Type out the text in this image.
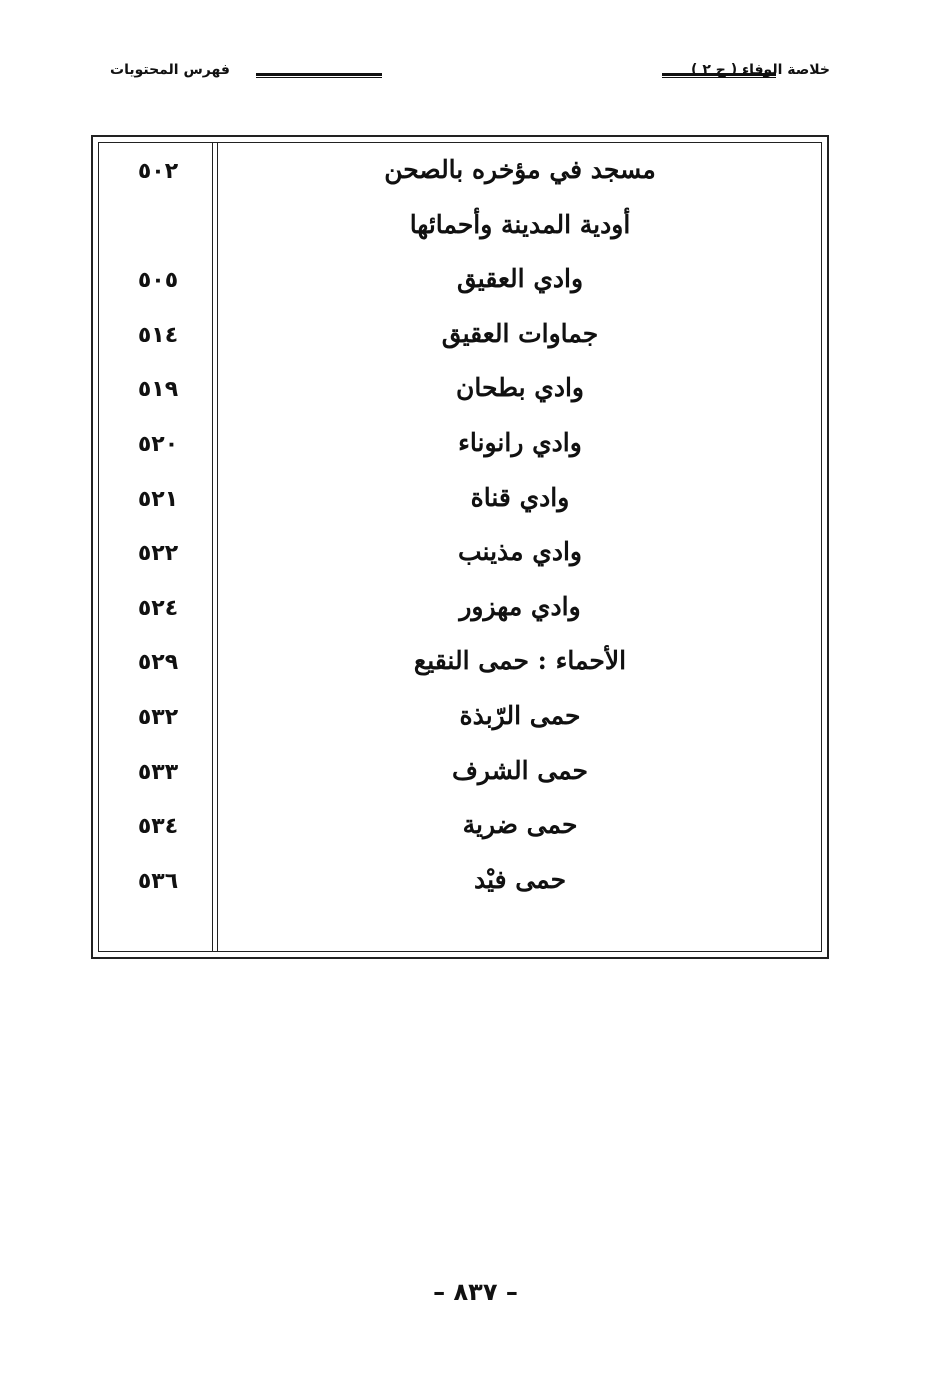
فهرس المحتويات	خلاصة الوفاء ( ج ٢ )
٥٠٢	مسجد في مؤخره بالصحن
أودية المدينة وأحمائها
٥٠٥	وادي العقيق
٥١٤	جماوات العقيق
٥١٩	وادي بطحان
٥٢٠	وادي رانوناء
٥٢١	وادي قناة
٥٢٢	وادي مذينب
٥٢٤	وادي مهزور
٥٢٩	الأحماء : حمى النقيع
٥٣٢	حمى الرّبذة
٥٣٣	حمى الشرف
٥٣٤	حمى ضرية
٥٣٦	حمى فيْد
– ٨٣٧ –
